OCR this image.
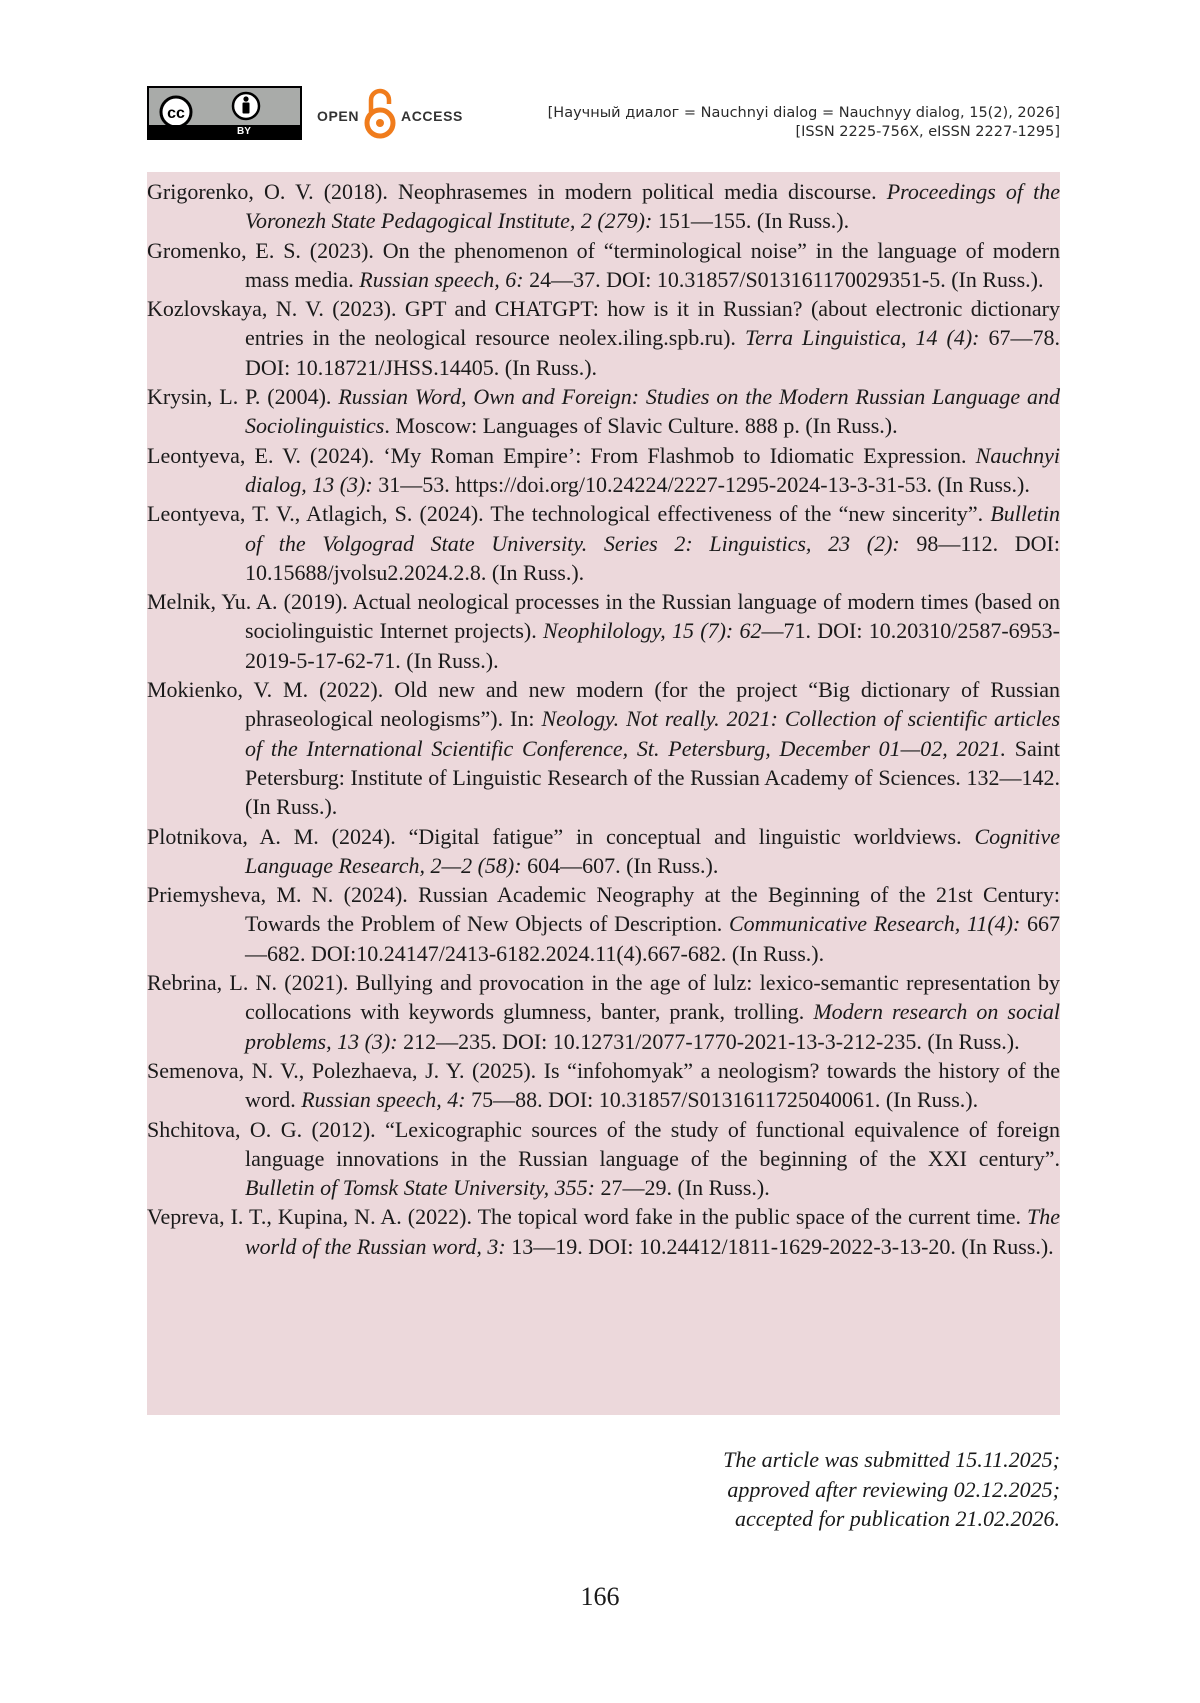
cc
BY
OPEN	ACCESS	[Научный диалог = Nauchnyi dialog = Nauchnyy dialog, 15(2), 2026]
[ISSN 2225-756X, eISSN 2227-1295]
Grigorenko, O. V. (2018). Neophrasemes in modern political media discourse. Proceedings of the Voronezh State Pedagogical Institute, 2 (279): 151—155. (In Russ.).
Gromenko, E. S. (2023). On the phenomenon of “terminological noise” in the language of modern mass media. Russian speech, 6: 24—37. DOI: 10.31857/S013161170029351-5. (In Russ.).
Kozlovskaya, N. V. (2023). GPT and CHATGPT: how is it in Russian? (about electronic dictionary entries in the neological resource neolex.iling.spb.ru). Terra Linguistica, 14 (4): 67—78. DOI: 10.18721/JHSS.14405. (In Russ.).
Krysin, L. P. (2004). Russian Word, Own and Foreign: Studies on the Modern Russian Language and Sociolinguistics. Moscow: Languages of Slavic Culture. 888 p. (In Russ.).
Leontyeva, E. V. (2024). ‘My Roman Empire’: From Flashmob to Idiomatic Expression. Nauchnyi dialog, 13 (3): 31—53. https://doi.org/10.24224/2227-1295-2024-13-3-31-53. (In Russ.).
Leontyeva, T. V., Atlagich, S. (2024). The technological effectiveness of the “new sincerity”. Bulletin of the Volgograd State University. Series 2: Linguistics, 23 (2): 98—112. DOI: 10.15688/jvolsu2.2024.2.8. (In Russ.).
Melnik, Yu. A. (2019). Actual neological processes in the Russian language of modern times (based on sociolinguistic Internet projects). Neophilology, 15 (7): 62—71. DOI: 10.20310/2587-6953-2019-5-17-62-71. (In Russ.).
Mokienko, V. M. (2022). Old new and new modern (for the project “Big dictionary of Russian phraseological neologisms”). In: Neology. Not really. 2021: Collection of scientific articles of the International Scientific Conference, St. Petersburg, December 01—02, 2021. Saint Petersburg: Institute of Linguistic Research of the Russian Academy of Sciences. 132—142. (In Russ.).
Plotnikova, A. M. (2024). “Digital fatigue” in conceptual and linguistic worldviews. Cognitive Language Research, 2—2 (58): 604—607. (In Russ.).
Priemysheva, M. N. (2024). Russian Academic Neography at the Beginning of the 21st Century: Towards the Problem of New Objects of Description. Communicative Research, 11(4): 667—682. DOI:10.24147/2413-6182.2024.11(4).667-682. (In Russ.).
Rebrina, L. N. (2021). Bullying and provocation in the age of lulz: lexico-semantic representation by collocations with keywords glumness, banter, prank, trolling. Modern research on social problems, 13 (3): 212—235. DOI: 10.12731/2077-1770-2021-13-3-212-235. (In Russ.).
Semenova, N. V., Polezhaeva, J. Y. (2025). Is “infohomyak” a neologism? towards the history of the word. Russian speech, 4: 75—88. DOI: 10.31857/S0131611725040061. (In Russ.).
Shchitova, O. G. (2012). “Lexicographic sources of the study of functional equivalence of foreign language innovations in the Russian language of the beginning of the XXI century”. Bulletin of Tomsk State University, 355: 27—29. (In Russ.).
Vepreva, I. T., Kupina, N. A. (2022). The topical word fake in the public space of the current time. The world of the Russian word, 3: 13—19. DOI: 10.24412/1811-1629-2022-3-13-20. (In Russ.).
The article was submitted 15.11.2025;
approved after reviewing 02.12.2025;
accepted for publication 21.02.2026.
166
